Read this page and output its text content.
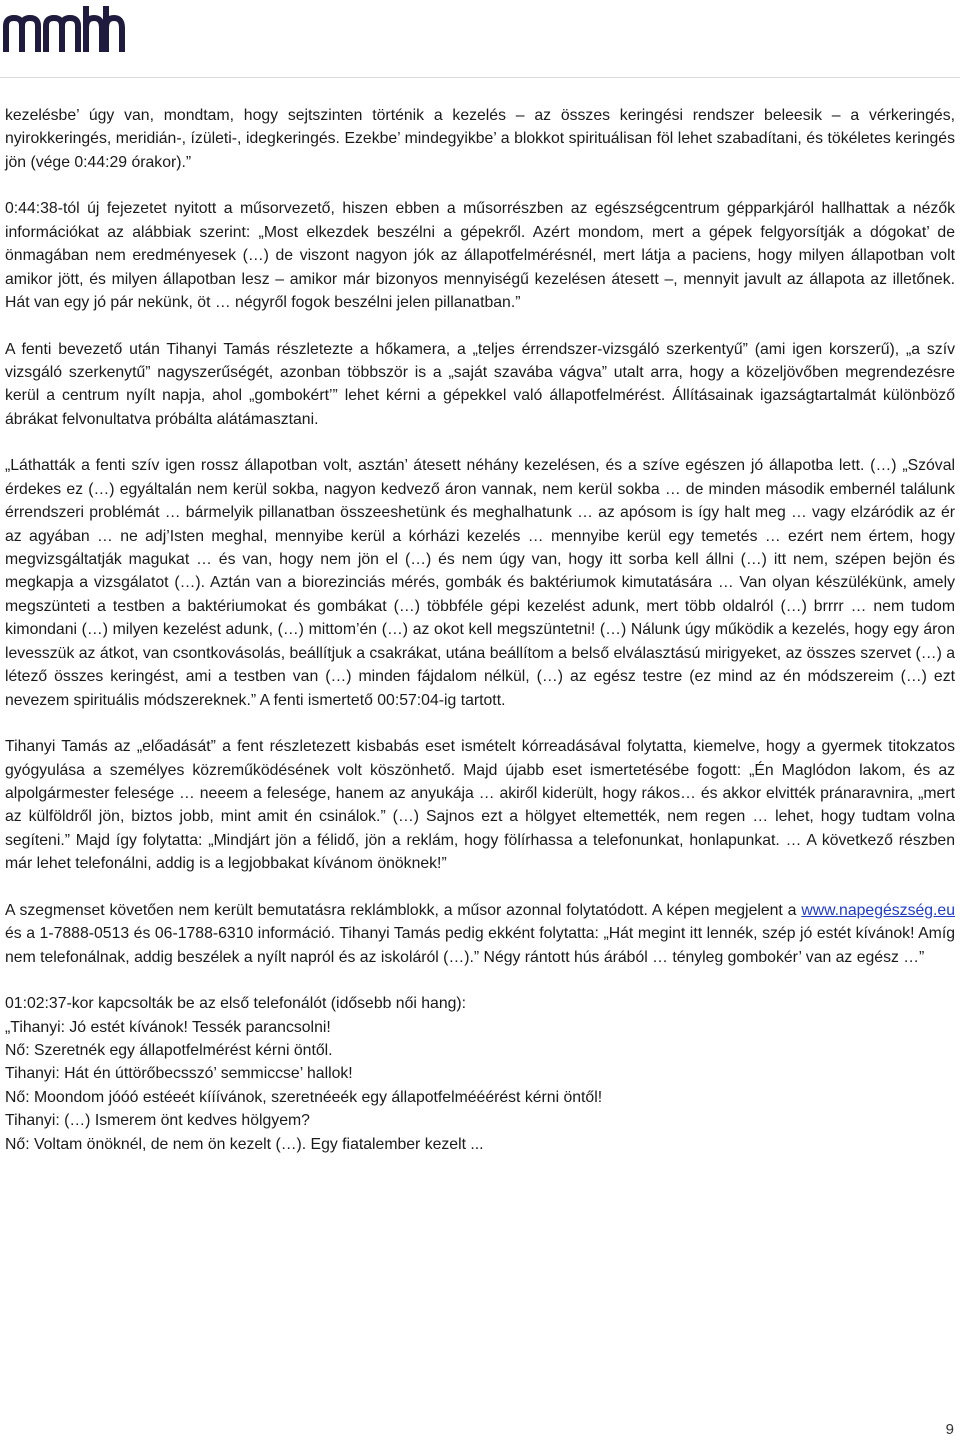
kezelésbe’ úgy van, mondtam, hogy sejtszinten történik a kezelés – az összes keringési rendszer beleesik – a vérkeringés, nyirokkeringés, meridián-, ízületi-, idegkeringés. Ezekbe’ mindegyikbe’ a blokkot spirituálisan föl lehet szabadítani, és tökéletes keringés jön (vége 0:44:29 órakor).”

0:44:38-tól új fejezetet nyitott a műsorvezető, hiszen ebben a műsorrészben az egészségcentrum gépparkjáról hallhattak a nézők információkat az alábbiak szerint: „Most elkezdek beszélni a gépekről. Azért mondom, mert a gépek felgyorsítják a dógokat’ de önmagában nem eredményesek (…) de viszont nagyon jók az állapotfelmérésnél, mert látja a paciens, hogy milyen állapotban volt amikor jött, és milyen állapotban lesz – amikor már bizonyos mennyiségű kezelésen átesett –, mennyit javult az állapota az illetőnek. Hát van egy jó pár nekünk, öt … négyről fogok beszélni jelen pillanatban.”

A fenti bevezető után Tihanyi Tamás részletezte a hőkamera, a „teljes érrendszer-vizsgáló szerkentyű” (ami igen korszerű), „a szív vizsgáló szerkenytű” nagyszerűségét, azonban többször is a „saját szavába vágva” utalt arra, hogy a közeljövőben megrendezésre kerül a centrum nyílt napja, ahol „gombokért’” lehet kérni a gépekkel való állapotfelmérést. Állításainak igazságtartalmát különböző ábrákat felvonultatva próbálta alátámasztani.

„Láthatták a fenti szív igen rossz állapotban volt, asztán’ átesett néhány kezelésen, és a szíve egészen jó állapotba lett. (…) „Szóval érdekes ez (…) egyáltalán nem kerül sokba, nagyon kedvező áron vannak, nem kerül sokba … de minden második embernél találunk érrendszeri problémát … bármelyik pillanatban összeeshetünk és meghalhatunk … az apósom is így halt meg … vagy elzáródik az ér az agyában … ne adj’Isten meghal, mennyibe kerül a kórházi kezelés … mennyibe kerül egy temetés … ezért nem értem, hogy megvizsgáltatják magukat … és van, hogy nem jön el (…) és nem úgy van, hogy itt sorba kell állni (…) itt nem, szépen bejön és megkapja a vizsgálatot (…). Aztán van a biorezinciás mérés, gombák és baktériumok kimutatására … Van olyan készülékünk, amely megszünteti a testben a baktériumokat és gombákat (…) többféle gépi kezelést adunk, mert több oldalról (…) brrrr … nem tudom kimondani (…) milyen kezelést adunk, (…) mittom’én (…) az okot kell megszüntetni! (…) Nálunk úgy működik a kezelés, hogy egy áron levesszük az átkot, van csontkovásolás, beállítjuk a csakrákat, utána beállítom a belső elválasztású mirigyeket, az összes szervet (…) a létező összes keringést, ami a testben van (…) minden fájdalom nélkül, (…) az egész testre (ez mind az én módszereim (…) ezt nevezem spirituális módszereknek.” A fenti ismertető 00:57:04-ig tartott.

Tihanyi Tamás az „előadását” a fent részletezett kisbabás eset ismételt kórreadásával folytatta, kiemelve, hogy a gyermek titokzatos gyógyulása a személyes közreműködésének volt köszönhető. Majd újabb eset ismertetésébe fogott: „Én Maglódon lakom, és az alpolgármester felesége … neeem a felesége, hanem az anyukája … akiről kiderült, hogy rákos… és akkor elvitték pránaravnira, „mert az külföldről jön, biztos jobb, mint amit én csinálok.” (…) Sajnos ezt a hölgyet eltemették, nem regen … lehet, hogy tudtam volna segíteni.” Majd így folytatta: „Mindjárt jön a félidő, jön a reklám, hogy fölírhassa a telefonunkat, honlapunkat. … A következő részben már lehet telefonálni, addig is a legjobbakat kívánom önöknek!”

A szegmenset követően nem került bemutatásra reklámblokk, a műsor azonnal folytatódott. A képen megjelent a www.napegészség.eu és a 1-7888-0513 és 06-1788-6310 információ. Tihanyi Tamás pedig ekként folytatta: „Hát megint itt lennék, szép jó estét kívánok! Amíg nem telefonálnak, addig beszélek a nyílt napról és az iskoláról (…).” Négy rántott hús árából … tényleg gombokér’ van az egész …”

01:02:37-kor kapcsolták be az első telefonálót (idősebb női hang):

„Tihanyi: Jó estét kívánok! Tessék parancsolni!

Nő: Szeretnék egy állapotfelmérést kérni öntől.

Tihanyi: Hát én úttörőbecsszó’ semmiccse’ hallok!

Nő: Moondom jóóó estéeét kííívánok, szeretnéeék egy állapotfelmééérést kérni öntől!

Tihanyi: (…) Ismerem önt kedves hölgyem?

Nő: Voltam önöknél, de nem ön kezelt (…). Egy fiatalember kezelt ...

9
